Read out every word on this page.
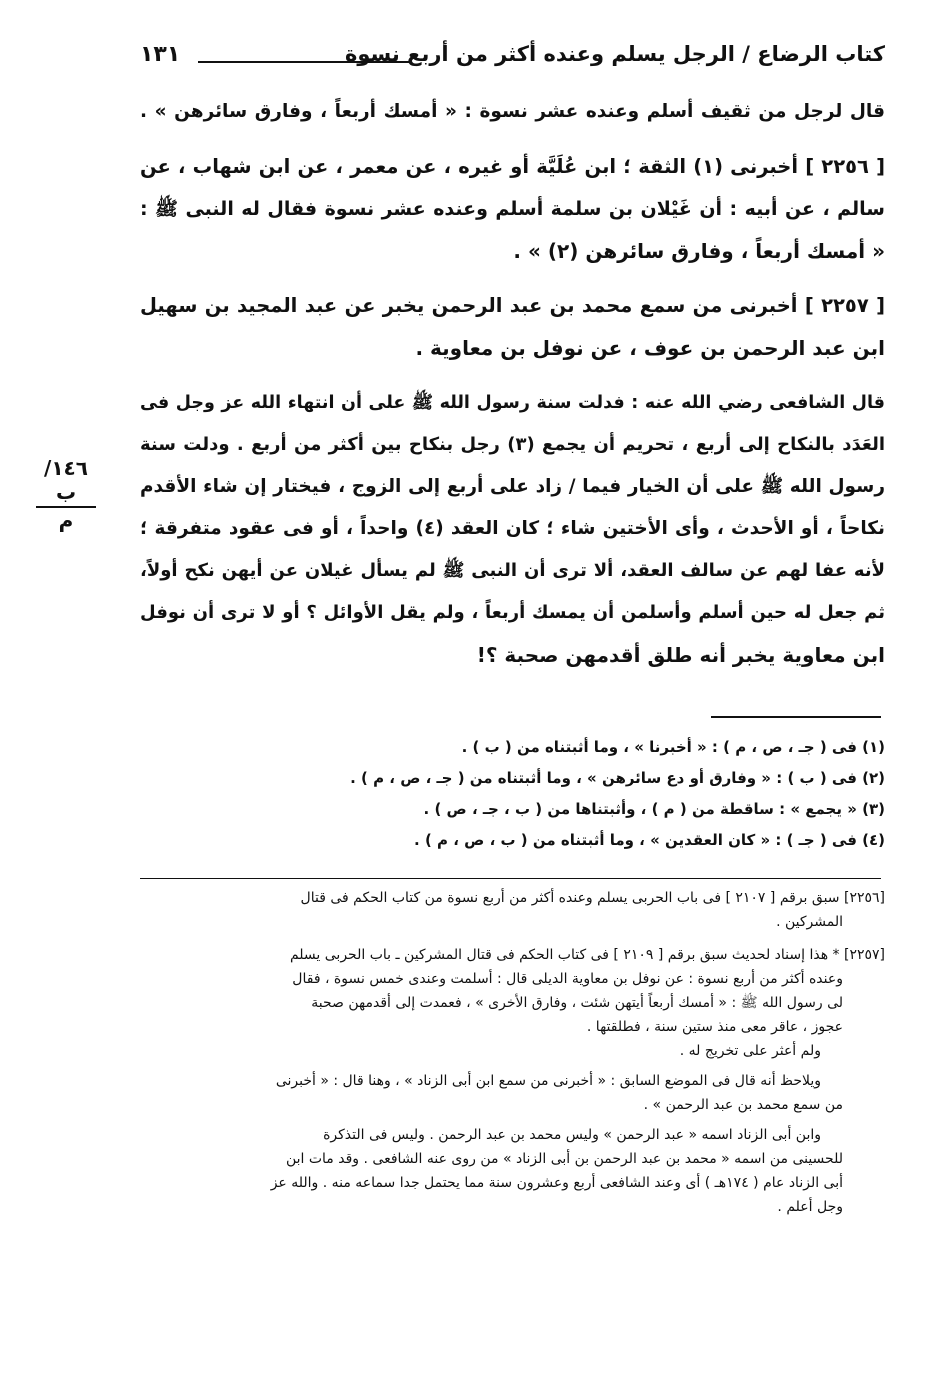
كتاب الرضاع / الرجل يسلم وعنده أكثر من أربع نسوة
١٣١
قال لرجل من ثقيف أسلم وعنده عشر نسوة : « أمسك أربعاً ، وفارق سائرهن » .
[ ٢٢٥٦ ] أخبرنى (١) الثقة ؛ ابن عُلَيَّة أو غيره ، عن معمر ، عن ابن شهاب ، عن
سالم ، عن أبيه : أن غَيْلان بن سلمة أسلم وعنده عشر نسوة فقال له النبى ﷺ :
« أمسك أربعاً ، وفارق سائرهن (٢) » .
[ ٢٢٥٧ ] أخبرنى من سمع محمد بن عبد الرحمن يخبر عن عبد المجيد بن سهيل
ابن عبد الرحمن بن عوف ، عن نوفل بن معاوية .
قال الشافعى رضي الله عنه : فدلت سنة رسول الله ﷺ على أن انتهاء الله عز وجل فى
العَدَد بالنكاح إلى أربع ، تحريم أن يجمع (٣) رجل بنكاح بين أكثر من أربع . ودلت سنة
رسول الله ﷺ على أن الخيار فيما / زاد على أربع إلى الزوج ، فيختار إن شاء الأقدم
نكاحاً ، أو الأحدث ، وأى الأختين شاء ؛ كان العقد (٤) واحداً ، أو فى عقود متفرقة ؛
لأنه عفا لهم عن سالف العقد، ألا ترى أن النبى ﷺ لم يسأل غيلان عن أيهن نكح أولاً،
ثم جعل له حين أسلم وأسلمن أن يمسك أربعاً ، ولم يقل الأوائل ؟ أو لا ترى أن نوفل
ابن معاوية يخبر أنه طلق أقدمهن صحبة ؟!
١٤٦/ب
م
(١) فى ( جـ ، ص ، م ) : « أخبرنا » ، وما أثبتناه من ( ب ) .
(٢) فى ( ب ) : « وفارق أو دع سائرهن » ، وما أثبتناه من ( جـ ، ص ، م ) .
(٣) « يجمع » : ساقطة من ( م ) ، وأثبتناها من ( ب ، جـ ، ص ) .
(٤) فى ( جـ ) : « كان العقدين » ، وما أثبتناه من ( ب ، ص ، م ) .
[٢٢٥٦] سبق برقم [ ٢١٠٧ ] فى باب الحربى يسلم وعنده أكثر من أربع نسوة من كتاب الحكم فى قتال
المشركين .
[٢٢٥٧] * هذا إسناد لحديث سبق برقم [ ٢١٠٩ ] فى كتاب الحكم فى قتال المشركين ـ باب الحربى يسلم
وعنده أكثر من أربع نسوة : عن نوفل بن معاوية الديلى قال : أسلمت وعندى خمس نسوة ، فقال
لى رسول الله ﷺ : « أمسك أربعاً أيتهن شئت ، وفارق الأخرى » ، فعمدت إلى أقدمهن صحبة
عجوز ، عاقر معى منذ ستين سنة ، فطلقتها .
ولم أعثر على تخريج له .
ويلاحظ أنه قال فى الموضع السابق : « أخبرنى من سمع ابن أبى الزناد » ، وهنا قال : « أخبرنى
من سمع محمد بن عبد الرحمن » .
وابن أبى الزناد اسمه « عبد الرحمن » وليس محمد بن عبد الرحمن . وليس فى التذكرة
للحسينى من اسمه « محمد بن عبد الرحمن بن أبى الزناد » من روى عنه الشافعى . وقد مات ابن
أبى الزناد عام ( ١٧٤هـ ) أى وعند الشافعى أربع وعشرون سنة مما يحتمل جدا سماعه منه . والله عز
وجل أعلم .
